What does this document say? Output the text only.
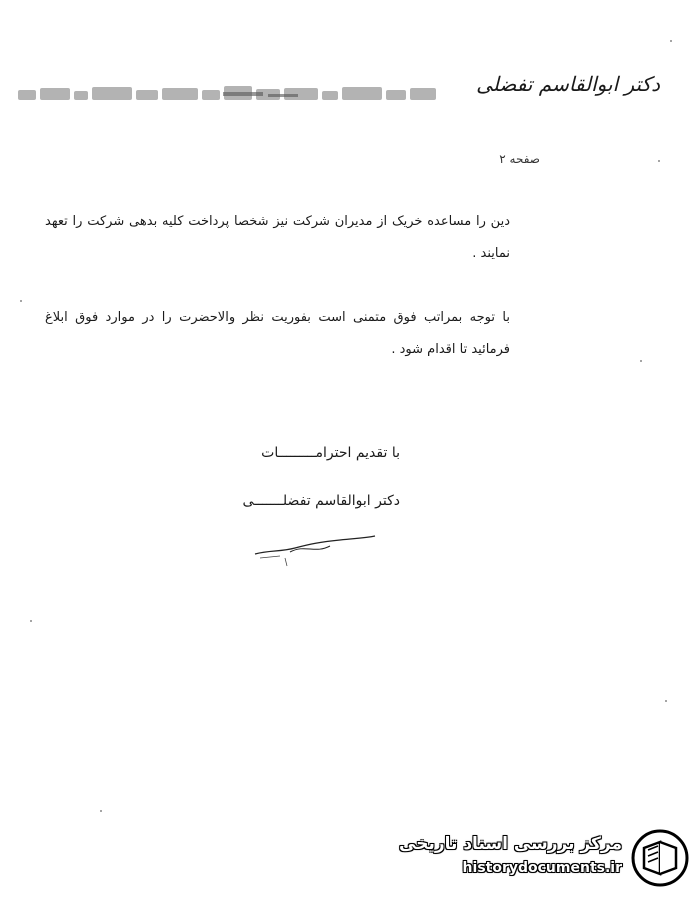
دکتر ابوالقاسم تفضلی
صفحه ۲

دین را مساعده خریک از مدیران شرکت نیز شخصا پرداخت کلیه بدهی شرکت را تعهد نمایند .

با توجه بمراتب فوق متمنی است بفوریت نظر والاحضرت را در موارد فوق ابلاغ فرمائید تا اقدام شود .

با تقدیم احترامـــــــــات
دکتر ابوالقاسم تفضلـــــــی
مرکز بررسی اسناد تاریخی
historydocuments.ir
